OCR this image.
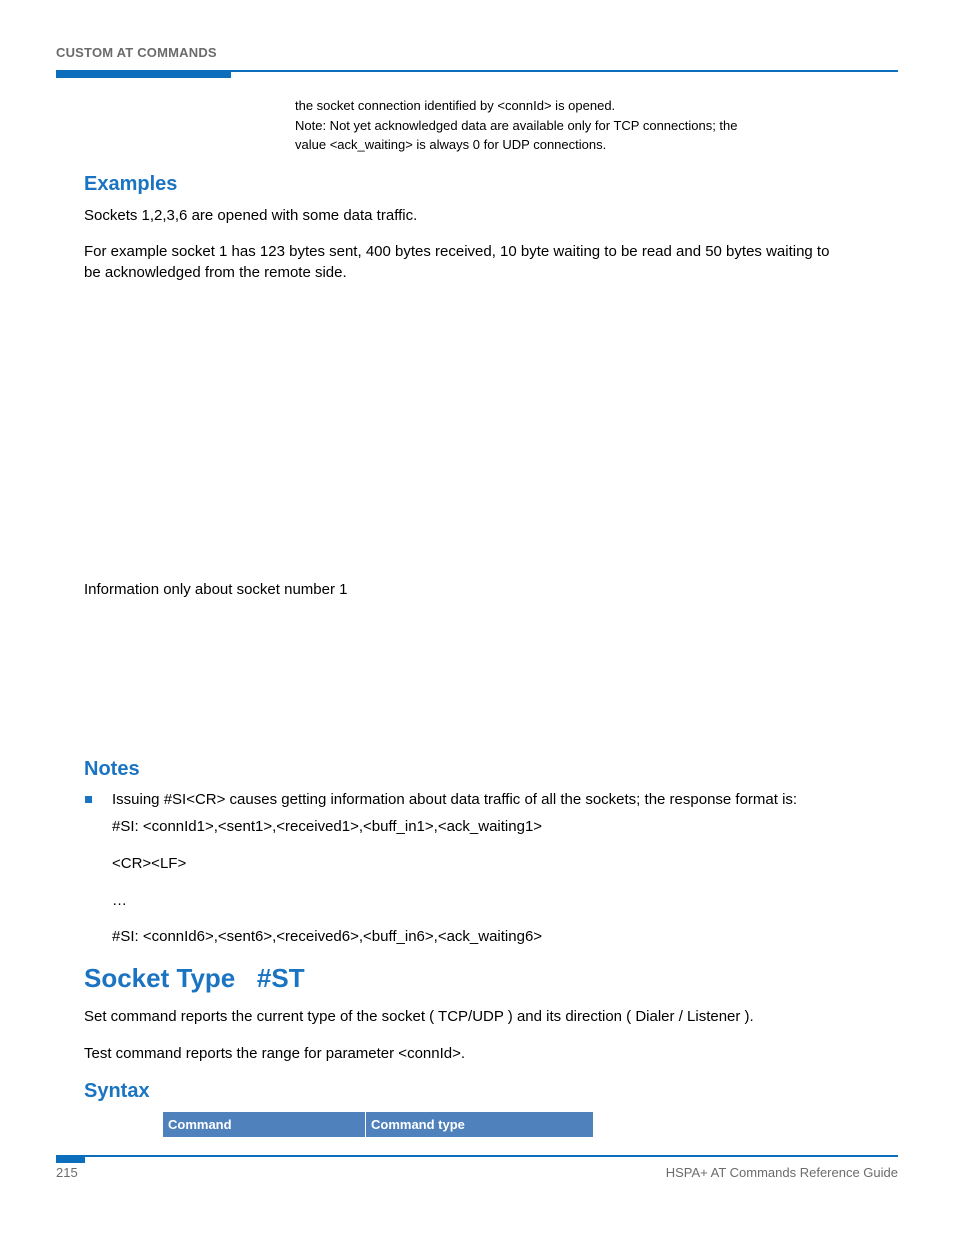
CUSTOM AT COMMANDS
the socket connection identified by <connId> is opened.
Note: Not yet acknowledged data are available only for TCP connections; the
value <ack_waiting> is always 0 for UDP connections.
Examples
Sockets 1,2,3,6 are opened with some data traffic.
For example socket 1 has 123 bytes sent, 400 bytes received, 10 byte waiting to be read and 50 bytes waiting to
be acknowledged from the remote side.
Information only about socket number 1
Notes
Issuing #SI<CR> causes getting information about data traffic of all the sockets; the response format is:
#SI: <connId1>,<sent1>,<received1>,<buff_in1>,<ack_waiting1>
<CR><LF>
…
#SI: <connId6>,<sent6>,<received6>,<buff_in6>,<ack_waiting6>
Socket Type   #ST
Set command reports the current type of the socket ( TCP/UDP ) and its direction ( Dialer / Listener ).
Test command reports the range for parameter <connId>.
Syntax
Command	Command type
215	HSPA+ AT Commands Reference Guide
